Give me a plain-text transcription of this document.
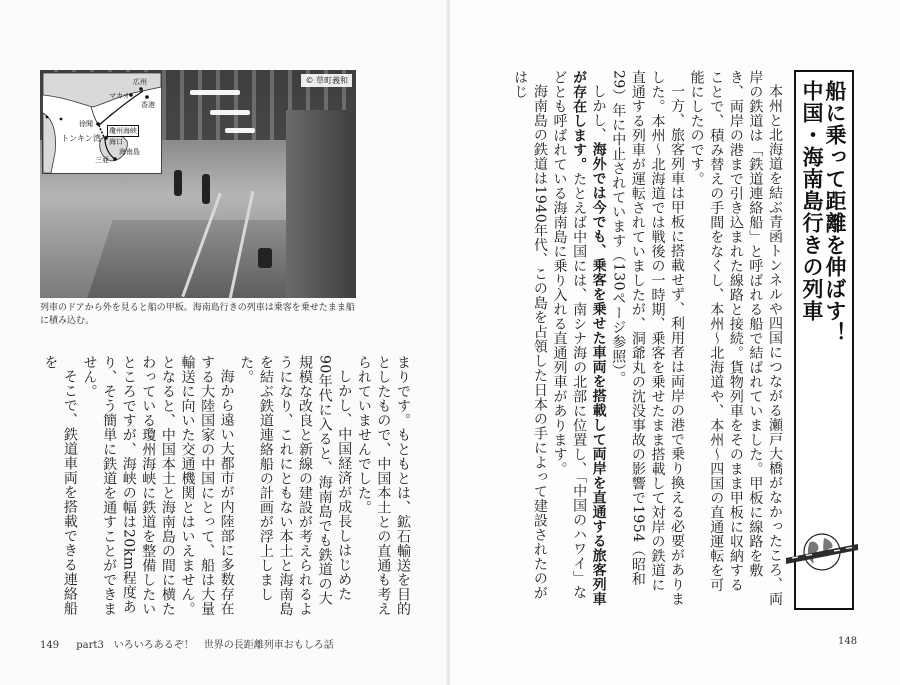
広州
マカオ
香港
徐聞
瓊州海峡
海口
トンキン湾
海南島
三亜
© 草町義和
列車のドアから外を見ると船の甲板。海南島行きの列車は乗客を乗せたまま船に積み込む。

まりです。もともとは、鉱石輸送を目的としたもので、中国本土との直通も考えられていませんでした。

しかし、中国経済が成長しはじめた90年代に入ると、海南島でも鉄道の大規模な改良と新線の建設が考えられるようになり、これにともない本土と海南島を結ぶ鉄道連絡船の計画が浮上しました。

海から遠い大都市が内陸部に多数存在する大陸国家の中国にとって、船は大量輸送に向いた交通機関とはいえません。となると、中国本土と海南島の間に横たわっている瓊州海峡に鉄道を整備したいところですが、海峡の幅は20km程度あり、そう簡単に鉄道を通すことができません。

そこで、鉄道車両を搭載できる連絡船を

149 part3　いろいろあるぞ！　世界の長距離列車おもしろ話

本州と北海道を結ぶ青函トンネルや四国につながる瀬戸大橋がなかったころ、両岸の鉄道は「鉄道連絡船」と呼ばれる船で結ばれていました。甲板に線路を敷き、両岸の港まで引き込まれた線路と接続。貨物列車をそのまま甲板に収納することで、積み替えの手間をなくし、本州〜北海道や、本州〜四国の直通運転を可能にしたのです。

一方、旅客列車は甲板に搭載せず、利用者は両岸の港で乗り換える必要がありました。本州〜北海道では戦後の一時期、乗客を乗せたまま搭載して対岸の鉄道に直通する列車が運転されていましたが、洞爺丸の沈没事故の影響で1954（昭和29）年に中止されています（130ページ参照）。

しかし、海外では今でも、乗客を乗せた車両を搭載して両岸を直通する旅客列車が存在します。たとえば中国には、南シナ海の北部に位置し、「中国のハワイ」などとも呼ばれている海南島に乗り入れる直通列車があります。

海南島の鉄道は1940年代、この島を占領した日本の手によって建設されたのがはじ	船に乗って距離を伸ばす！
中国・海南島行きの列車
148
